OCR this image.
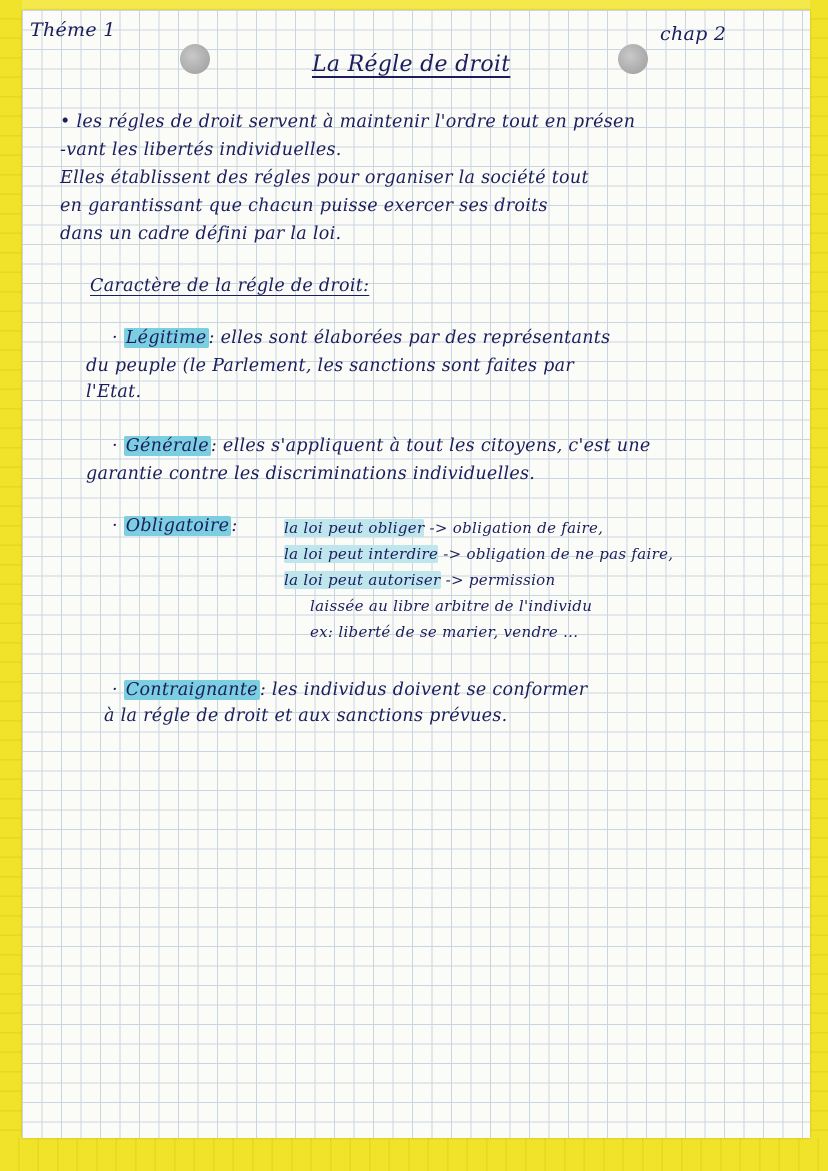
Théme 1	chap 2
La Régle de droit
• les régles de droit servent à maintenir l'ordre tout en présen
-vant les libertés individuelles.
Elles établissent des régles pour organiser la société tout
en garantissant que chacun puisse exercer ses droits
dans un cadre défini par la loi.
Caractère de la régle de droit:
· Légitime : elles sont élaborées par des représentants
du peuple (le Parlement, les sanctions sont faites par
l'Etat.
· Générale : elles s'appliquent à tout les citoyens, c'est une
garantie contre les discriminations individuelles.
· Obligatoire :	la loi peut obliger -> obligation de faire,
la loi peut interdire -> obligation de ne pas faire,
la loi peut autoriser -> permission
laissée au libre arbitre de l'individu
ex: liberté de se marier, vendre ...
· Contraignante : les individus doivent se conformer
à la régle de droit et aux sanctions prévues.
